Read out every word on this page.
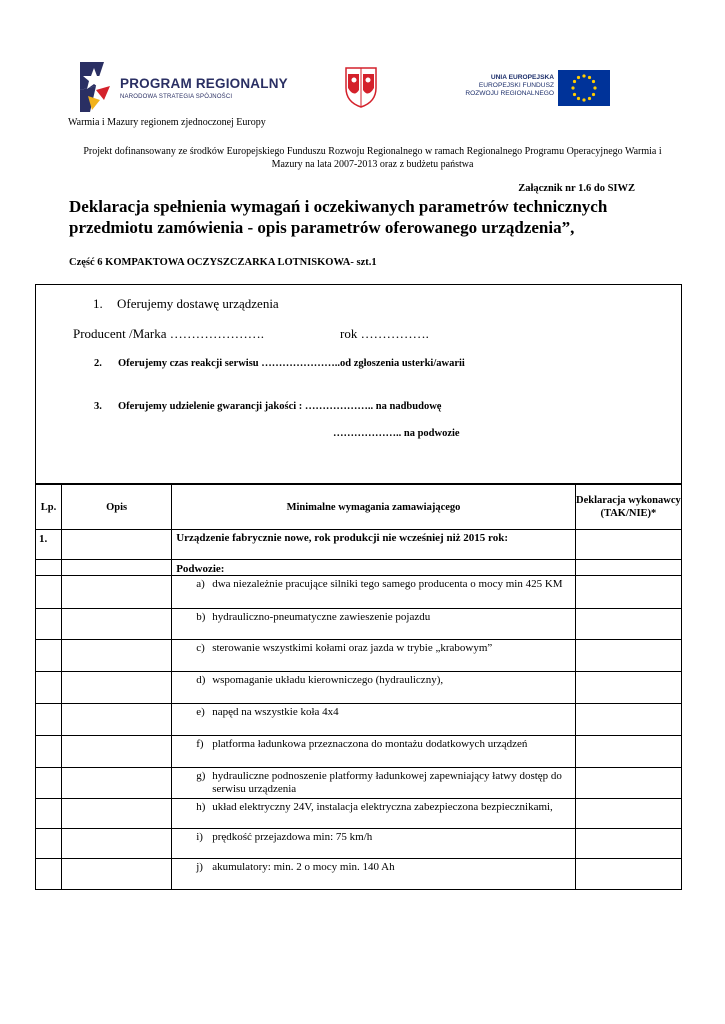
PROGRAM REGIONALNY
NARODOWA STRATEGIA SPÓJNOŚCI
UNIA EUROPEJSKA
EUROPEJSKI FUNDUSZ
ROZWOJU REGIONALNEGO
Warmia i Mazury regionem zjednoczonej Europy
Projekt dofinansowany ze środków Europejskiego Funduszu Rozwoju Regionalnego w ramach Regionalnego Programu Operacyjnego Warmia i Mazury na lata 2007-2013 oraz z budżetu państwa
Załącznik nr 1.6 do SIWZ
Deklaracja spełnienia wymagań i oczekiwanych parametrów technicznych przedmiotu zamówienia - opis parametrów oferowanego urządzenia”,
Część 6 KOMPAKTOWA OCZYSZCZARKA LOTNISKOWA- szt.1
1. Oferujemy dostawę urządzenia
Producent /Marka ………………….	rok …………….
2. Oferujemy czas reakcji serwisu …………………..od zgłoszenia usterki/awarii
3. Oferujemy udzielenie gwarancji jakości : ……………….. na nadbudowę
……………….. na podwozie
Lp.	Opis	Minimalne wymagania zamawiającego	Deklaracja wykonawcy (TAK/NIE)*
1.		Urządzenie fabrycznie nowe, rok produkcji nie wcześniej niż 2015 rok:	
		Podwozie:	

		a) dwa niezależnie pracujące silniki tego samego producenta o mocy min 425 KM	

		b) hydrauliczno-pneumatyczne zawieszenie pojazdu	

		c) sterowanie wszystkimi kołami oraz jazda w trybie „krabowym”	

		d) wspomaganie układu kierowniczego (hydrauliczny),	

		e) napęd na wszystkie koła 4x4	

		f) platforma ładunkowa przeznaczona do montażu dodatkowych urządzeń	

		g) hydrauliczne podnoszenie platformy ładunkowej zapewniający łatwy dostęp do serwisu urządzenia	

		h) układ elektryczny 24V, instalacja elektryczna zabezpieczona bezpiecznikami,	

		i) prędkość przejazdowa min: 75 km/h	

		j) akumulatory: min. 2 o mocy min. 140 Ah	
